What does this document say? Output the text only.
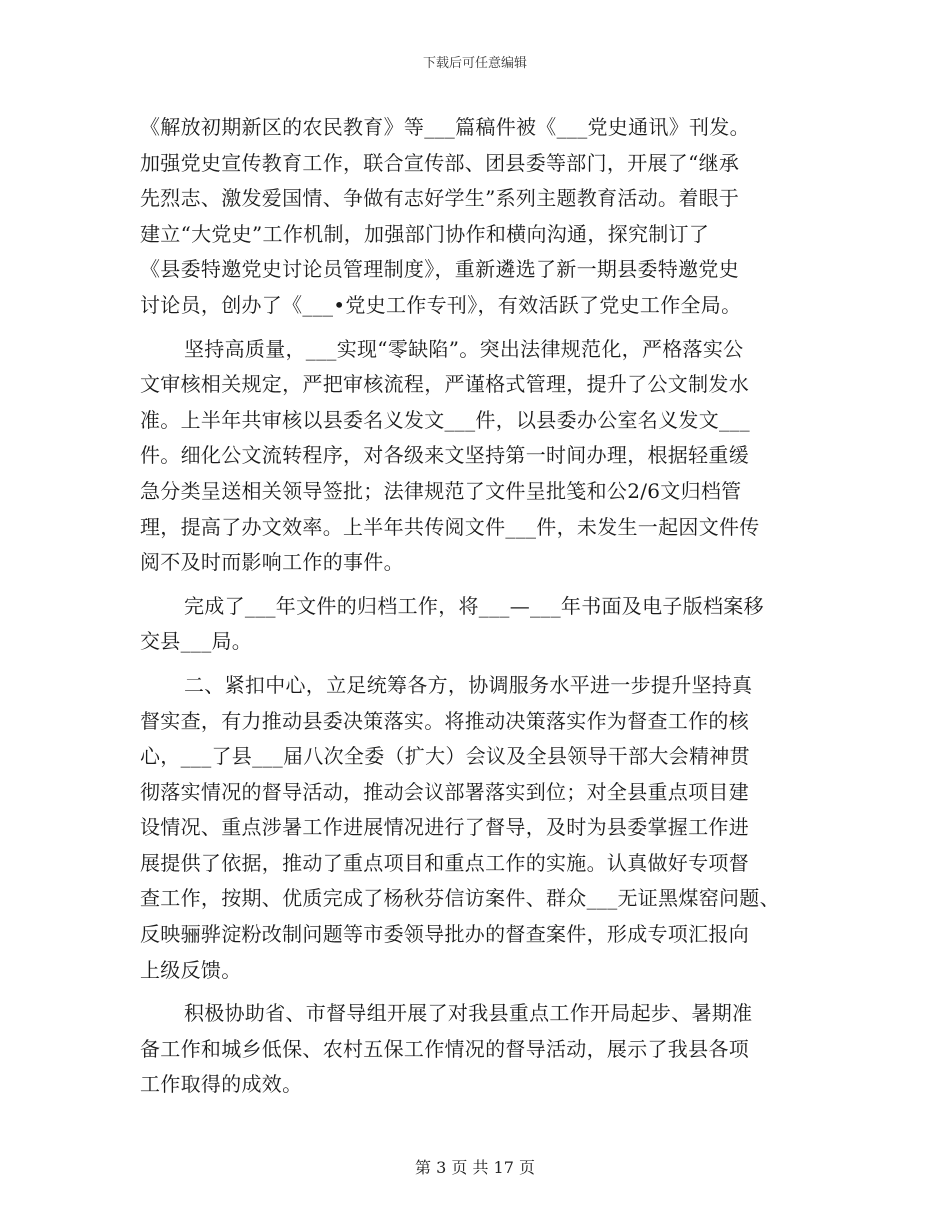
下载后可任意编辑
《解放初期新区的农民教育》等___篇稿件被《___党史通讯》刊发。
加强党史宣传教育工作，联合宣传部、团县委等部门，开展了“继承
先烈志、激发爱国情、争做有志好学生”系列主题教育活动。着眼于
建立“大党史”工作机制，加强部门协作和横向沟通，探究制订了
《县委特邀党史讨论员管理制度》，重新遴选了新一期县委特邀党史
讨论员，创办了《___•党史工作专刊》，有效活跃了党史工作全局。
坚持高质量，___实现“零缺陷”。突出法律规范化，严格落实公
文审核相关规定，严把审核流程，严谨格式管理，提升了公文制发水
准。上半年共审核以县委名义发文___件，以县委办公室名义发文___
件。细化公文流转程序，对各级来文坚持第一时间办理，根据轻重缓
急分类呈送相关领导签批；法律规范了文件呈批笺和公2/6文归档管
理，提高了办文效率。上半年共传阅文件___件，未发生一起因文件传
阅不及时而影响工作的事件。
完成了___年文件的归档工作，将___—___年书面及电子版档案移
交县___局。
二、紧扣中心，立足统筹各方，协调服务水平进一步提升坚持真
督实查，有力推动县委决策落实。将推动决策落实作为督查工作的核
心，___了县___届八次全委（扩大）会议及全县领导干部大会精神贯
彻落实情况的督导活动，推动会议部署落实到位；对全县重点项目建
设情况、重点涉暑工作进展情况进行了督导，及时为县委掌握工作进
展提供了依据，推动了重点项目和重点工作的实施。认真做好专项督
查工作，按期、优质完成了杨秋芬信访案件、群众___无证黑煤窑问题、
反映骊骅淀粉改制问题等市委领导批办的督查案件，形成专项汇报向
上级反馈。
积极协助省、市督导组开展了对我县重点工作开局起步、暑期准
备工作和城乡低保、农村五保工作情况的督导活动，展示了我县各项
工作取得的成效。
第 3 页 共 17 页
